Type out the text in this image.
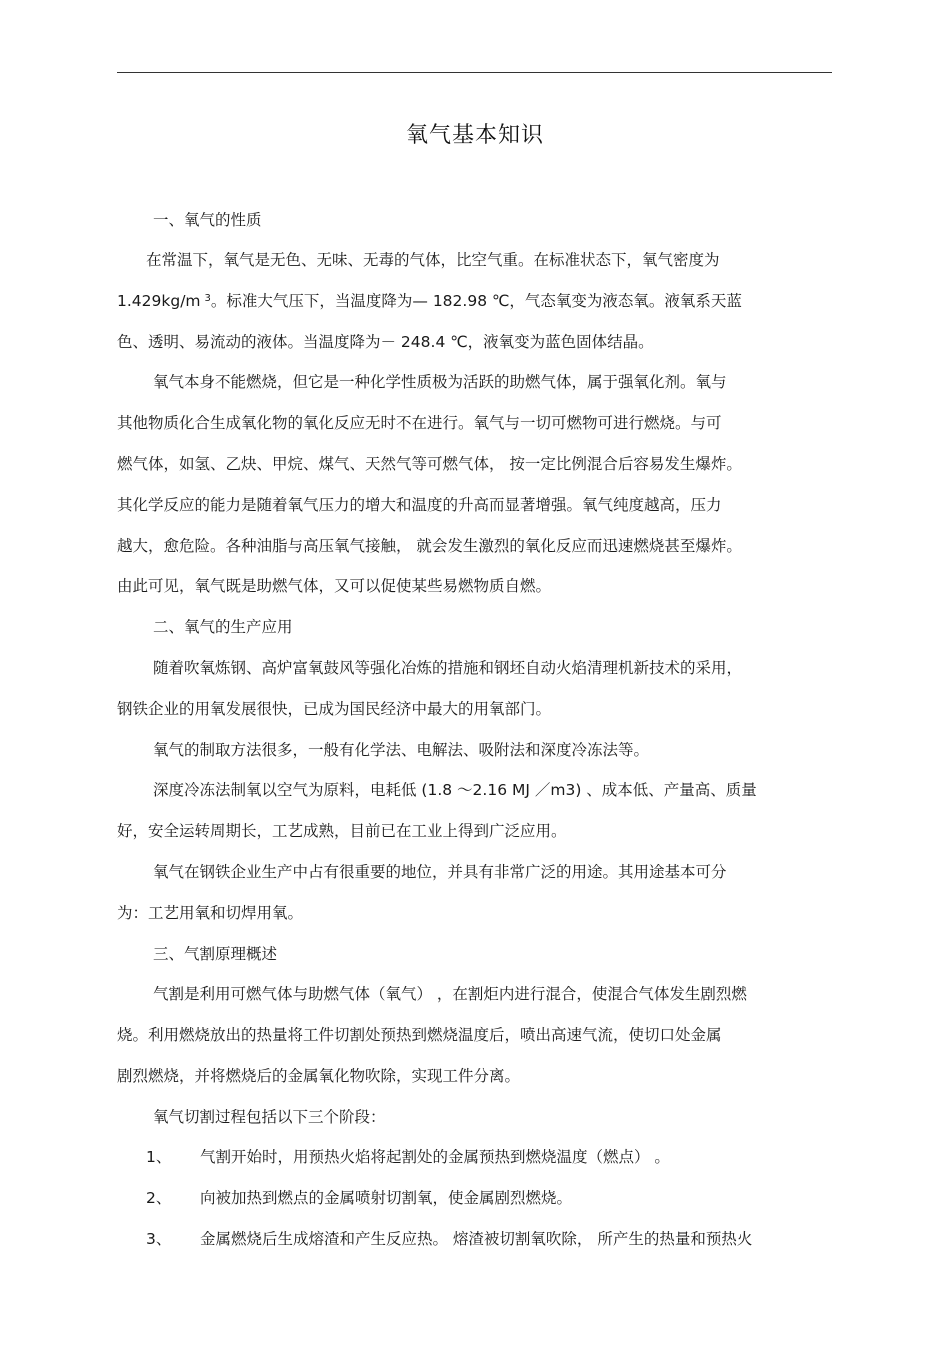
氧气基本知识
一、氧气的性质
在常温下，氧气是无色、无味、无毒的气体，比空气重。在标准状态下，氧气密度为
1.429kg/m $^3$。标准大气压下，当温度降为— 182.98 ℃，气态氧变为液态氧。液氧系天蓝
色、透明、易流动的液体。当温度降为－ 248.4 ℃，液氧变为蓝色固体结晶。
氧气本身不能燃烧，但它是一种化学性质极为活跃的助燃气体，属于强氧化剂。氧与
其他物质化合生成氧化物的氧化反应无时不在进行。氧气与一切可燃物可进行燃烧。与可
燃气体，如氢、乙炔、甲烷、煤气、天然气等可燃气体， 按一定比例混合后容易发生爆炸。
其化学反应的能力是随着氧气压力的增大和温度的升高而显著增强。氧气纯度越高，压力
越大，愈危险。各种油脂与高压氧气接触， 就会发生激烈的氧化反应而迅速燃烧甚至爆炸。
由此可见，氧气既是助燃气体，又可以促使某些易燃物质自燃。
二、氧气的生产应用
随着吹氧炼钢、高炉富氧鼓风等强化冶炼的措施和钢坯自动火焰清理机新技术的采用，
钢铁企业的用氧发展很快，已成为国民经济中最大的用氧部门。
氧气的制取方法很多，一般有化学法、电解法、吸附法和深度冷冻法等。
深度冷冻法制氧以空气为原料，电耗低 (1.8 ～2.16 MJ ／m3) 、成本低、产量高、质量
好，安全运转周期长，工艺成熟，目前已在工业上得到广泛应用。
氧气在钢铁企业生产中占有很重要的地位，并具有非常广泛的用途。其用途基本可分
为：工艺用氧和切焊用氧。
三、气割原理概述
气割是利用可燃气体与助燃气体（氧气） ，在割炬内进行混合，使混合气体发生剧烈燃
烧。利用燃烧放出的热量将工件切割处预热到燃烧温度后，喷出高速气流，使切口处金属
剧烈燃烧，并将燃烧后的金属氧化物吹除，实现工件分离。
氧气切割过程包括以下三个阶段：
1、 气割开始时，用预热火焰将起割处的金属预热到燃烧温度（燃点） 。
2、 向被加热到燃点的金属喷射切割氧，使金属剧烈燃烧。
3、 金属燃烧后生成熔渣和产生反应热。 熔渣被切割氧吹除， 所产生的热量和预热火
